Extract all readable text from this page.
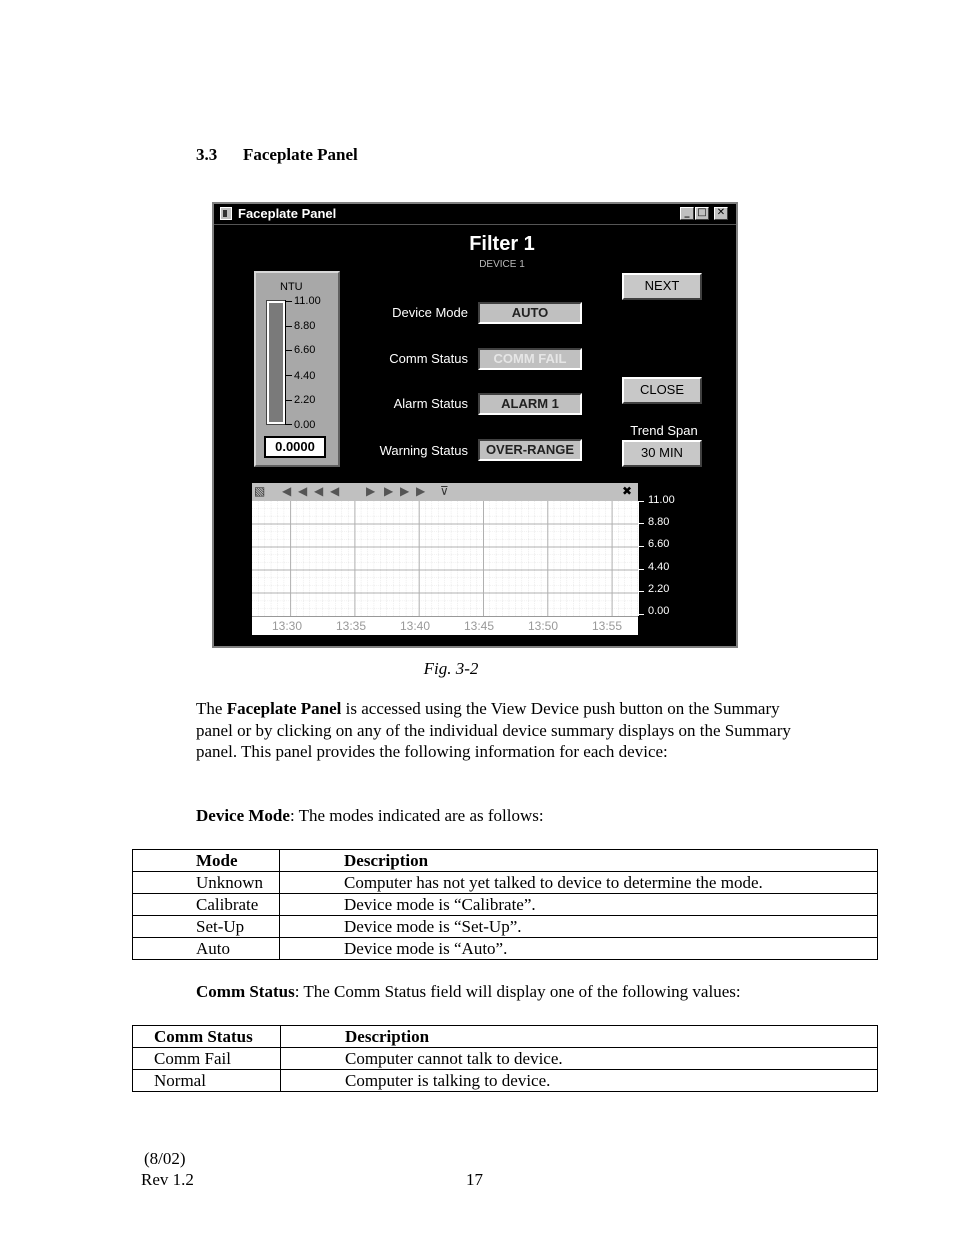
3.3 Faceplate Panel
Faceplate Panel	_ □ ✕
Filter 1
DEVICE 1
NTU
11.00
8.80
6.60
4.40
2.20
0.00
0.0000
Device Mode	AUTO
Comm Status	COMM FAIL
Alarm Status	ALARM 1
Warning Status	OVER-RANGE
NEXT
CLOSE
Trend Span
30 MIN
▧ ◀ ◀ ◀ ◀ ▶ ▶ ▶ ▶ ⊽	✖
13:30	13:35	13:40	13:45	13:50	13:55
11.00
8.80
6.60
4.40
2.20
0.00
Fig. 3-2
The Faceplate Panel is accessed using the View Device push button on the Summary panel or by clicking on any of the individual device summary displays on the Summary panel. This panel provides the following information for each device:
Device Mode: The modes indicated are as follows:
Mode	Description
Unknown	Computer has not yet talked to device to determine the mode.
Calibrate	Device mode is “Calibrate”.
Set-Up	Device mode is “Set-Up”.
Auto	Device mode is “Auto”.
Comm Status: The Comm Status field will display one of the following values:
Comm Status	Description
Comm Fail	Computer cannot talk to device.
Normal	Computer is talking to device.
(8/02)
Rev 1.2	17
